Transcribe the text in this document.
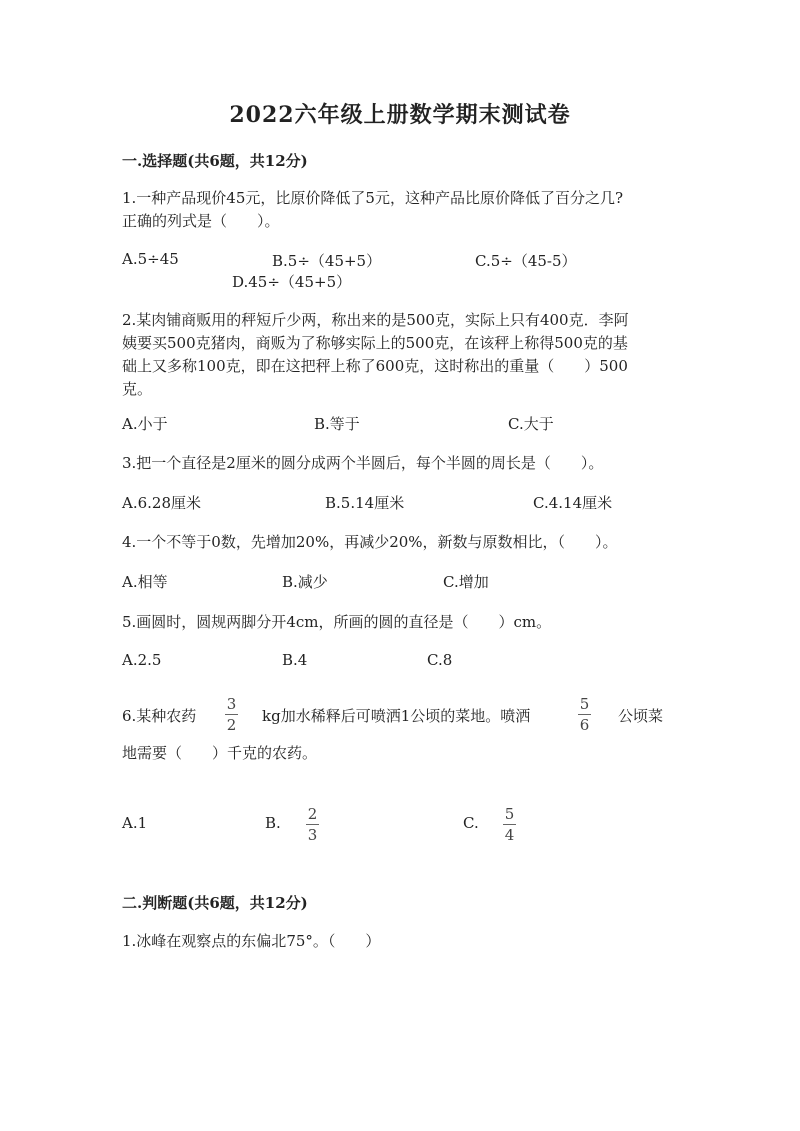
2022六年级上册数学期末测试卷
一.选择题(共6题，共12分)
1.一种产品现价45元，比原价降低了5元，这种产品比原价降低了百分之几?
正确的列式是（　　）。
A.5÷45	B.5÷（45+5）	C.5÷（45-5）
D.45÷（45+5）
2.某肉铺商贩用的秤短斤少两，称出来的是500克，实际上只有400克．李阿
姨要买500克猪肉，商贩为了称够实际上的500克，在该秤上称得500克的基
础上又多称100克，即在这把秤上称了600克，这时称出的重量（　　）500
克。
A.小于	B.等于	C.大于
3.把一个直径是2厘米的圆分成两个半圆后，每个半圆的周长是（　　）。
A.6.28厘米	B.5.14厘米	C.4.14厘米
4.一个不等于0数，先增加20%，再减少20%，新数与原数相比，（　　）。
A.相等	B.减少	C.增加
5.画圆时，圆规两脚分开4cm，所画的圆的直径是（　　）cm。
A.2.5	B.4	C.8
6.某种农药
3
2 kg加水稀释后可喷洒1公顷的菜地。喷洒
5
6 公顷菜
地需要（　　）千克的农药。
A.1	B. 2
3
C. 5
4
二.判断题(共6题，共12分)
1.冰峰在观察点的东偏北75°。（　　）
